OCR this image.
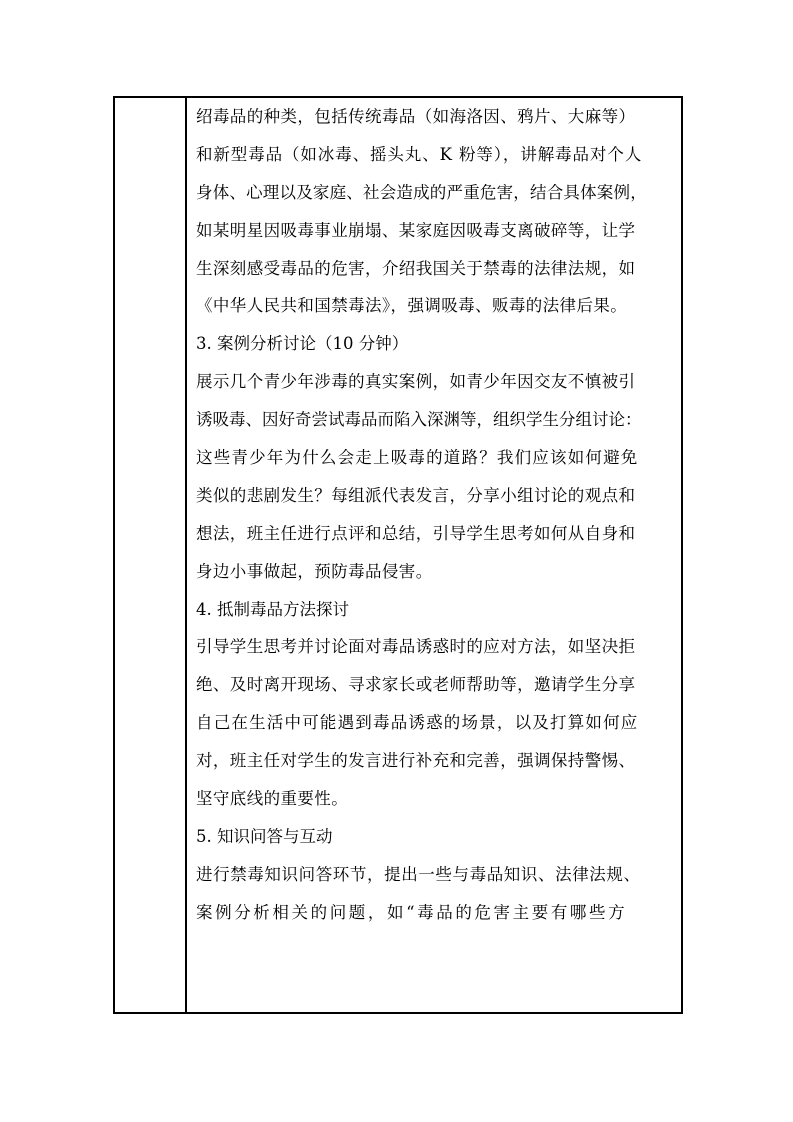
绍毒品的种类，包括传统毒品（如海洛因、鸦片、大麻等）
和新型毒品（如冰毒、摇头丸、K 粉等），讲解毒品对个人
身体、心理以及家庭、社会造成的严重危害，结合具体案例，
如某明星因吸毒事业崩塌、某家庭因吸毒支离破碎等，让学
生深刻感受毒品的危害，介绍我国关于禁毒的法律法规，如
《中华人民共和国禁毒法》，强调吸毒、贩毒的法律后果。
3. 案例分析讨论（10 分钟）
展示几个青少年涉毒的真实案例，如青少年因交友不慎被引
诱吸毒、因好奇尝试毒品而陷入深渊等，组织学生分组讨论：
这些青少年为什么会走上吸毒的道路？我们应该如何避免
类似的悲剧发生？每组派代表发言，分享小组讨论的观点和
想法，班主任进行点评和总结，引导学生思考如何从自身和
身边小事做起，预防毒品侵害。
4. 抵制毒品方法探讨
引导学生思考并讨论面对毒品诱惑时的应对方法，如坚决拒
绝、及时离开现场、寻求家长或老师帮助等，邀请学生分享
自己在生活中可能遇到毒品诱惑的场景，以及打算如何应
对，班主任对学生的发言进行补充和完善，强调保持警惕、
坚守底线的重要性。
5. 知识问答与互动
进行禁毒知识问答环节，提出一些与毒品知识、法律法规、
案例分析相关的问题，如“毒品的危害主要有哪些方
